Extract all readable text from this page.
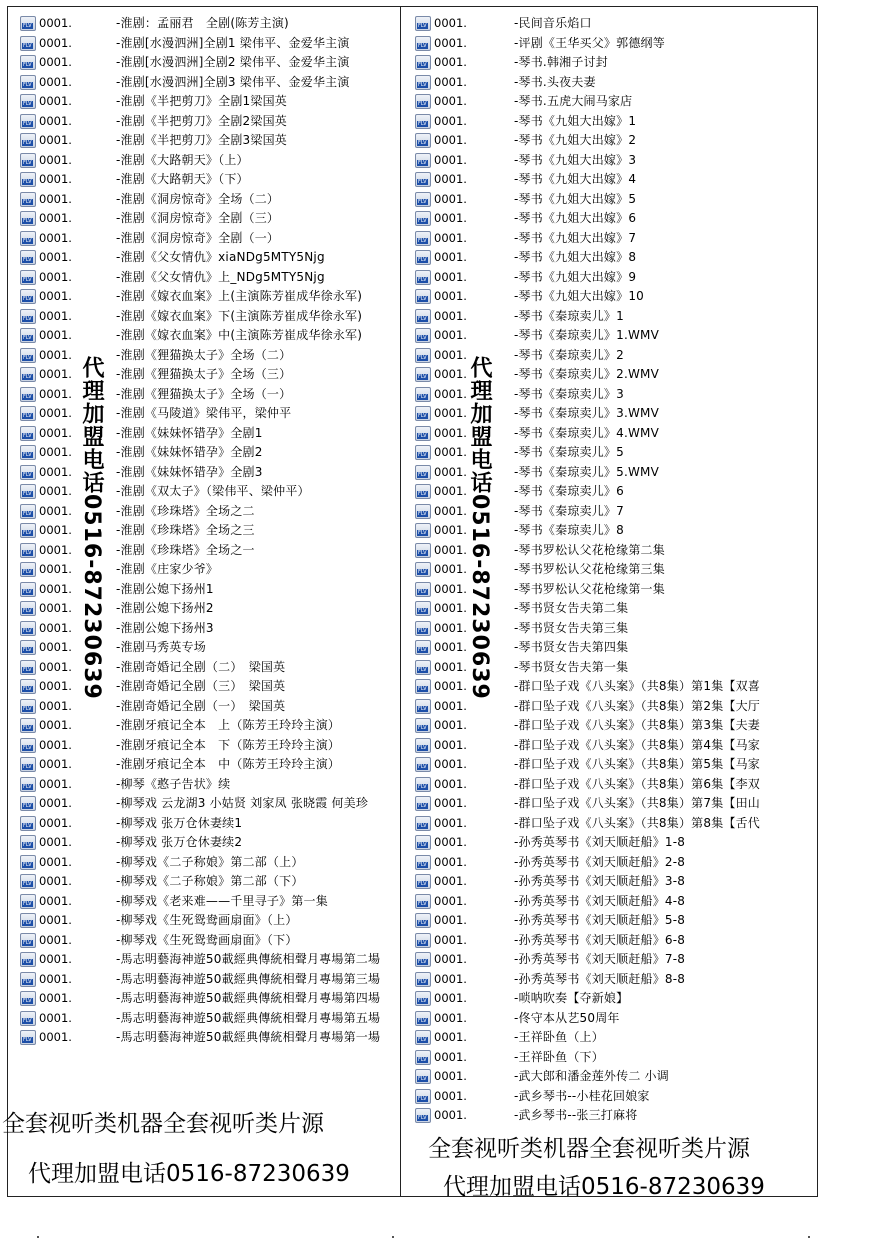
FLV
0001.	-淮剧：孟丽君　全剧(陈芳主演)
FLV
0001.	-淮剧[水漫泗洲]全剧1 梁伟平、金爱华主演
FLV
0001.	-淮剧[水漫泗洲]全剧2 梁伟平、金爱华主演
FLV
0001.	-淮剧[水漫泗洲]全剧3 梁伟平、金爱华主演
FLV
0001.	-淮剧《半把剪刀》全剧1梁国英
FLV
0001.	-淮剧《半把剪刀》全剧2梁国英
FLV
0001.	-淮剧《半把剪刀》全剧3梁国英
FLV
0001.	-淮剧《大路朝天》（上）
FLV
0001.	-淮剧《大路朝天》（下）
FLV
0001.	-淮剧《洞房惊奇》全场（二）
FLV
0001.	-淮剧《洞房惊奇》全剧（三）
FLV
0001.	-淮剧《洞房惊奇》全剧（一）
FLV
0001.	-淮剧《父女情仇》xiaNDg5MTY5Njg
FLV
0001.	-淮剧《父女情仇》上_NDg5MTY5Njg
FLV
0001.	-淮剧《嫁衣血案》上(主演陈芳崔成华徐永军)
FLV
0001.	-淮剧《嫁衣血案》下(主演陈芳崔成华徐永军)
FLV
0001.	-淮剧《嫁衣血案》中(主演陈芳崔成华徐永军)
FLV
0001.	-淮剧《狸猫换太子》全场（二）
FLV
0001.	-淮剧《狸猫换太子》全场（三）
FLV
0001.	-淮剧《狸猫换太子》全场（一）
FLV
0001.	-淮剧《马陵道》梁伟平，梁仲平
FLV
0001.	-淮剧《妹妹怀错孕》全剧1
FLV
0001.	-淮剧《妹妹怀错孕》全剧2
FLV
0001.	-淮剧《妹妹怀错孕》全剧3
FLV
0001.	-淮剧《双太子》（梁伟平、梁仲平）
FLV
0001.	-淮剧《珍珠塔》全场之二
FLV
0001.	-淮剧《珍珠塔》全场之三
FLV
0001.	-淮剧《珍珠塔》全场之一
FLV
0001.	-淮剧《庄家少爷》
FLV
0001.	-淮剧公媳下扬州1
FLV
0001.	-淮剧公媳下扬州2
FLV
0001.	-淮剧公媳下扬州3
FLV
0001.	-淮剧马秀英专场
FLV
0001.	-淮剧奇婚记全剧（二）　梁国英
FLV
0001.	-淮剧奇婚记全剧（三）　梁国英
FLV
0001.	-淮剧奇婚记全剧（一）　梁国英
FLV
0001.	-淮剧牙痕记全本　上（陈芳王玲玲主演）
FLV
0001.	-淮剧牙痕记全本　下（陈芳王玲玲主演）
FLV
0001.	-淮剧牙痕记全本　中（陈芳王玲玲主演）
FLV
0001.	-柳琴《憨子告状》续
FLV
0001.	-柳琴戏 云龙湖3 小姑贤 刘家凤 张晓霞 何美珍
FLV
0001.	-柳琴戏 张万仓休妻续1
FLV
0001.	-柳琴戏 张万仓休妻续2
FLV
0001.	-柳琴戏《二子称娘》第二部（上）
FLV
0001.	-柳琴戏《二子称娘》第二部（下）
FLV
0001.	-柳琴戏《老来难——千里寻子》第一集
FLV
0001.	-柳琴戏《生死鸳鸯画扇面》（上）
FLV
0001.	-柳琴戏《生死鸳鸯画扇面》（下）
FLV
0001.	-馬志明藝海神遊50載經典傳統相聲月專場第二場
FLV
0001.	-馬志明藝海神遊50載經典傳統相聲月專場第三場
FLV
0001.	-馬志明藝海神遊50載經典傳統相聲月專場第四場
FLV
0001.	-馬志明藝海神遊50載經典傳統相聲月專場第五場
FLV
0001.	-馬志明藝海神遊50載經典傳統相聲月專場第一場
FLV
0001.	-民间音乐焰口
FLV
0001.	-评剧《王华买父》郭德纲等
FLV
0001.	-琴书.韩湘子讨封
FLV
0001.	-琴书.头夜夫妻
FLV
0001.	-琴书.五虎大闹马家店
FLV
0001.	-琴书《九姐大出嫁》1
FLV
0001.	-琴书《九姐大出嫁》2
FLV
0001.	-琴书《九姐大出嫁》3
FLV
0001.	-琴书《九姐大出嫁》4
FLV
0001.	-琴书《九姐大出嫁》5
FLV
0001.	-琴书《九姐大出嫁》6
FLV
0001.	-琴书《九姐大出嫁》7
FLV
0001.	-琴书《九姐大出嫁》8
FLV
0001.	-琴书《九姐大出嫁》9
FLV
0001.	-琴书《九姐大出嫁》10
FLV
0001.	-琴书《秦琼卖儿》1
FLV
0001.	-琴书《秦琼卖儿》1.WMV
FLV
0001.	-琴书《秦琼卖儿》2
FLV
0001.	-琴书《秦琼卖儿》2.WMV
FLV
0001.	-琴书《秦琼卖儿》3
FLV
0001.	-琴书《秦琼卖儿》3.WMV
FLV
0001.	-琴书《秦琼卖儿》4.WMV
FLV
0001.	-琴书《秦琼卖儿》5
FLV
0001.	-琴书《秦琼卖儿》5.WMV
FLV
0001.	-琴书《秦琼卖儿》6
FLV
0001.	-琴书《秦琼卖儿》7
FLV
0001.	-琴书《秦琼卖儿》8
FLV
0001.	-琴书罗松认父花枪缘第二集
FLV
0001.	-琴书罗松认父花枪缘第三集
FLV
0001.	-琴书罗松认父花枪缘第一集
FLV
0001.	-琴书贤女告夫第二集
FLV
0001.	-琴书贤女告夫第三集
FLV
0001.	-琴书贤女告夫第四集
FLV
0001.	-琴书贤女告夫第一集
FLV
0001.	-群口坠子戏《八头案》（共8集）第1集【双喜
FLV
0001.	-群口坠子戏《八头案》（共8集）第2集【大厅
FLV
0001.	-群口坠子戏《八头案》（共8集）第3集【夫妻
FLV
0001.	-群口坠子戏《八头案》（共8集）第4集【马家
FLV
0001.	-群口坠子戏《八头案》（共8集）第5集【马家
FLV
0001.	-群口坠子戏《八头案》（共8集）第6集【李双
FLV
0001.	-群口坠子戏《八头案》（共8集）第7集【田山
FLV
0001.	-群口坠子戏《八头案》（共8集）第8集【舌代
FLV
0001.	-孙秀英琴书《刘天顺赶船》1-8
FLV
0001.	-孙秀英琴书《刘天顺赶船》2-8
FLV
0001.	-孙秀英琴书《刘天顺赶船》3-8
FLV
0001.	-孙秀英琴书《刘天顺赶船》4-8
FLV
0001.	-孙秀英琴书《刘天顺赶船》5-8
FLV
0001.	-孙秀英琴书《刘天顺赶船》6-8
FLV
0001.	-孙秀英琴书《刘天顺赶船》7-8
FLV
0001.	-孙秀英琴书《刘天顺赶船》8-8
FLV
0001.	-唢呐吹奏【夺新娘】
FLV
0001.	-佟守本从艺50周年
FLV
0001.	-王祥卧鱼（上）
FLV
0001.	-王祥卧鱼（下）
FLV
0001.	-武大郎和潘金莲外传二 小调
FLV
0001.	-武乡琴书--小桂花回娘家
FLV
0001.	-武乡琴书--张三打麻将
代理加盟电话0516-87230639	代理加盟电话0516-87230639
全套视听类机器全套视听类片源
代理加盟电话0516-87230639
全套视听类机器全套视听类片源
代理加盟电话0516-87230639
